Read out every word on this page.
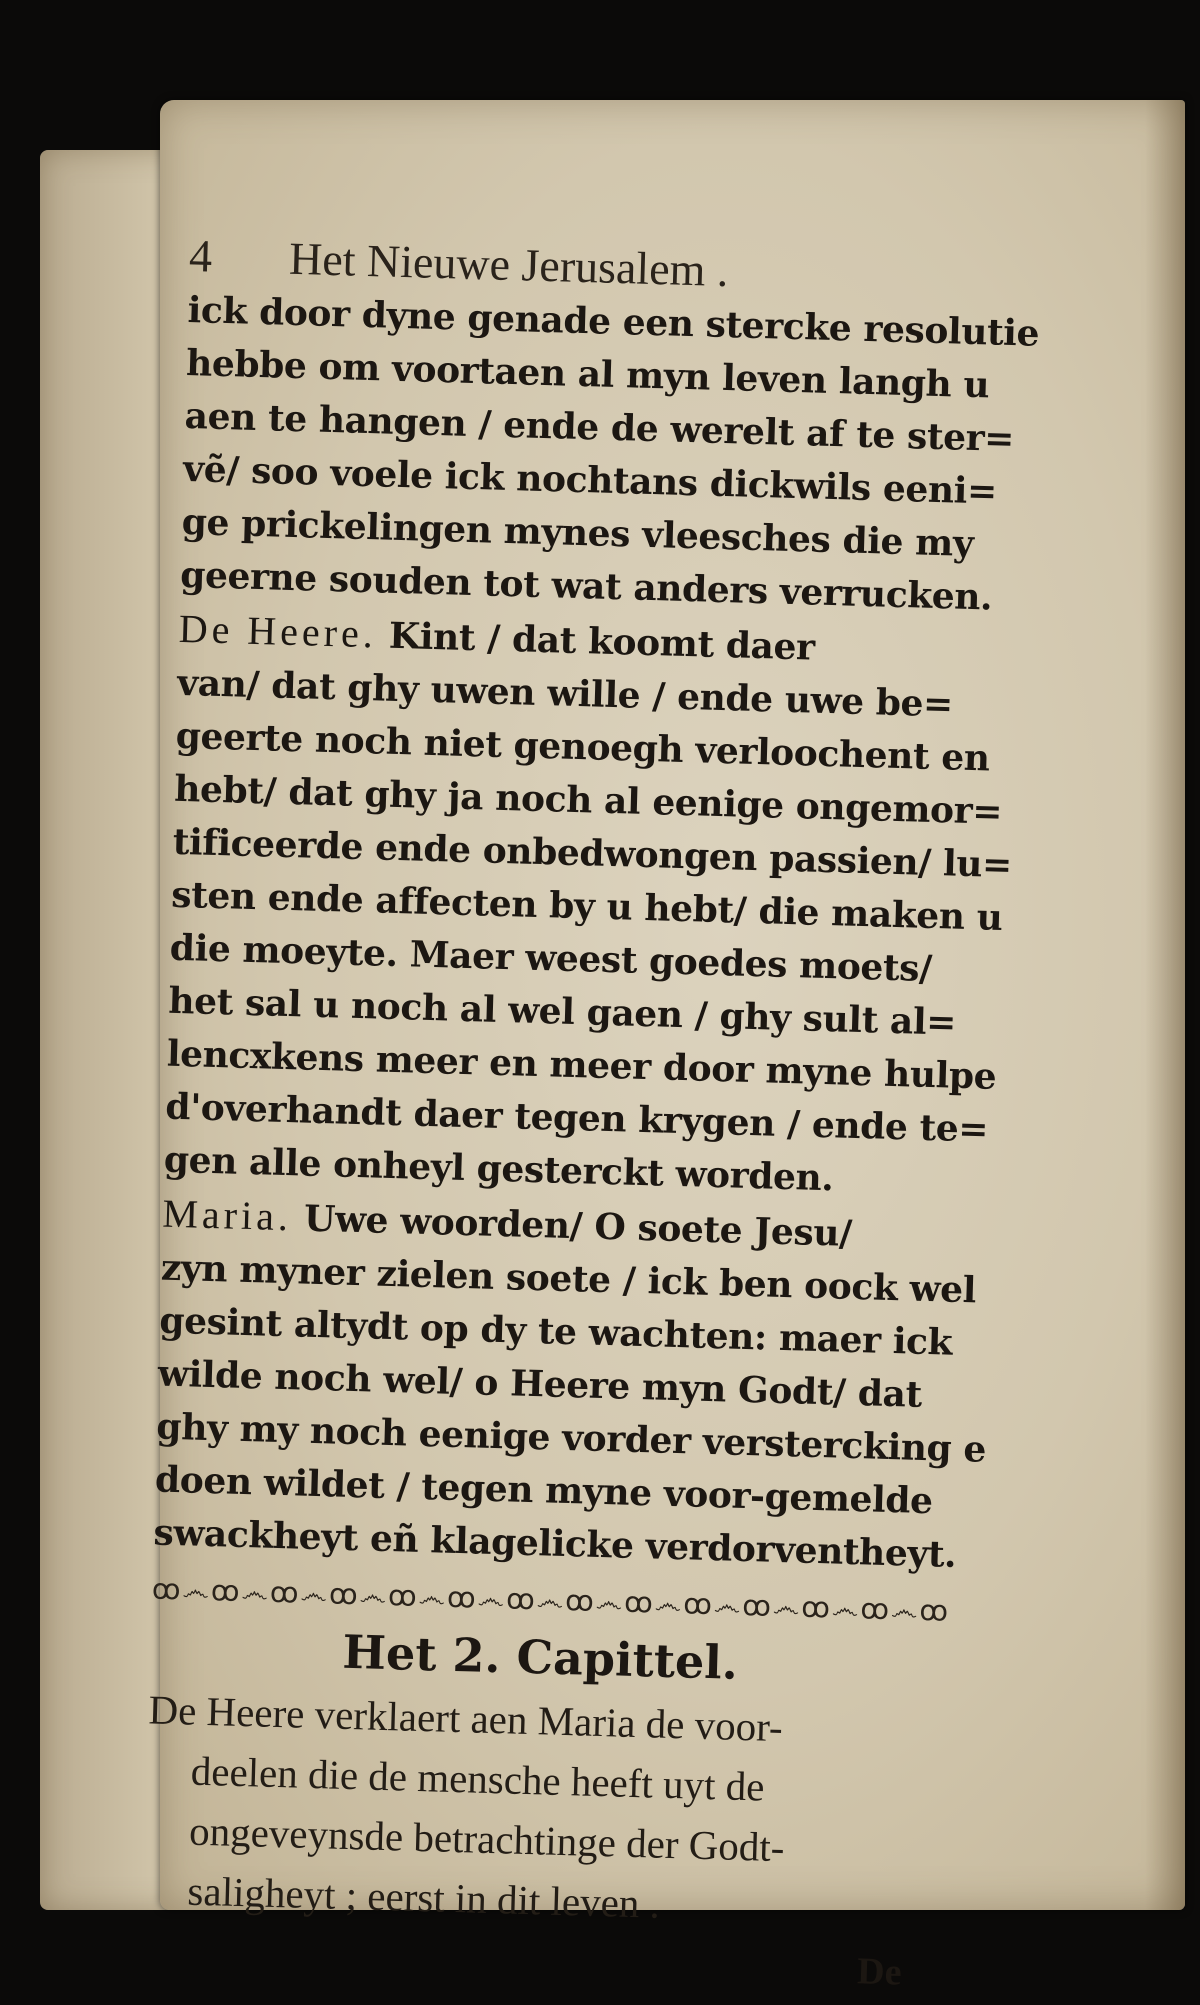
4	Het Nieuwe Jerusalem .
ick door dyne genade een stercke resolutie
hebbe om voortaen al myn leven langh u
aen te hangen / ende de werelt af te ster=
vẽ/ soo voele ick nochtans dickwils eeni=
ge prickelingen mynes vleesches die my
geerne souden tot wat anders verrucken.
De Heere. Kint / dat koomt daer
van/ dat ghy uwen wille / ende uwe be=
geerte noch niet genoegh verloochent en
hebt/ dat ghy ja noch al eenige ongemor=
tificeerde ende onbedwongen passien/ lu=
sten ende affecten by u hebt/ die maken u
die moeyte. Maer weest goedes moets/
het sal u noch al wel gaen / ghy sult al=
lencxkens meer en meer door myne hulpe
d'overhandt daer tegen krygen / ende te=
gen alle onheyl gesterckt worden.
Maria. Uwe woorden/ O soete Jesu/
zyn myner zielen soete / ick ben oock wel
gesint altydt op dy te wachten: maer ick
wilde noch wel/ o Heere myn Godt/ dat
ghy my noch eenige vorder verstercking e
doen wildet / tegen myne voor-gemelde
swackheyt eñ klagelicke verdorventheyt.
ꝏ෴ꝏ෴ꝏ෴ꝏ෴ꝏ෴ꝏ෴ꝏ෴ꝏ෴ꝏ෴ꝏ෴ꝏ෴ꝏ෴ꝏ෴ꝏ
Het 2. Capittel.
De Heere verklaert aen Maria de voor-
deelen die de mensche heeft uyt de
ongeveynsde betrachtinge der Godt-
saligheyt ; eerst in dit leven .
De
